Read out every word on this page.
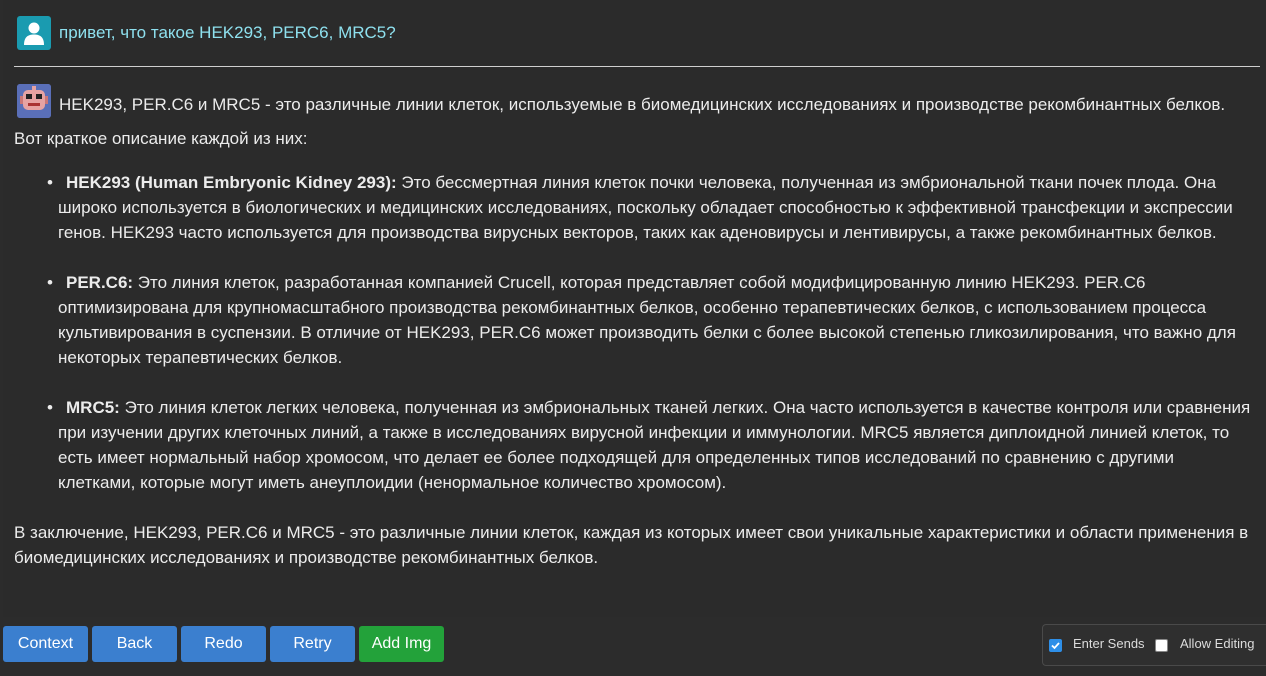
привет, что такое HEK293, PERC6, MRC5?

HEK293, PER.C6 и MRC5 - это различные линии клеток, используемые в биомедицинских исследованиях и производстве рекомбинантных белков. Вот краткое описание каждой из них:

• HEK293 (Human Embryonic Kidney 293): Это бессмертная линия клеток почки человека, полученная из эмбриональной ткани почек плода. Она широко используется в биологических и медицинских исследованиях, поскольку обладает способностью к эффективной трансфекции и экспрессии генов. HEK293 часто используется для производства вирусных векторов, таких как аденовирусы и лентивирусы, а также рекомбинантных белков.
• PER.C6: Это линия клеток, разработанная компанией Crucell, которая представляет собой модифицированную линию HEK293. PER.C6 оптимизирована для крупномасштабного производства рекомбинантных белков, особенно терапевтических белков, с использованием процесса культивирования в суспензии. В отличие от HEK293, PER.C6 может производить белки с более высокой степенью гликозилирования, что важно для некоторых терапевтических белков.
• MRC5: Это линия клеток легких человека, полученная из эмбриональных тканей легких. Она часто используется в качестве контроля или сравнения при изучении других клеточных линий, а также в исследованиях вирусной инфекции и иммунологии. MRC5 является диплоидной линией клеток, то есть имеет нормальный набор хромосом, что делает ее более подходящей для определенных типов исследований по сравнению с другими клетками, которые могут иметь анеуплоидии (ненормальное количество хромосом).

В заключение, HEK293, PER.C6 и MRC5 - это различные линии клеток, каждая из которых имеет свои уникальные характеристики и области применения в биомедицинских исследованиях и производстве рекомбинантных белков.

Context	Back	Redo	Retry	Add Img	Enter Sends	Allow Editing
